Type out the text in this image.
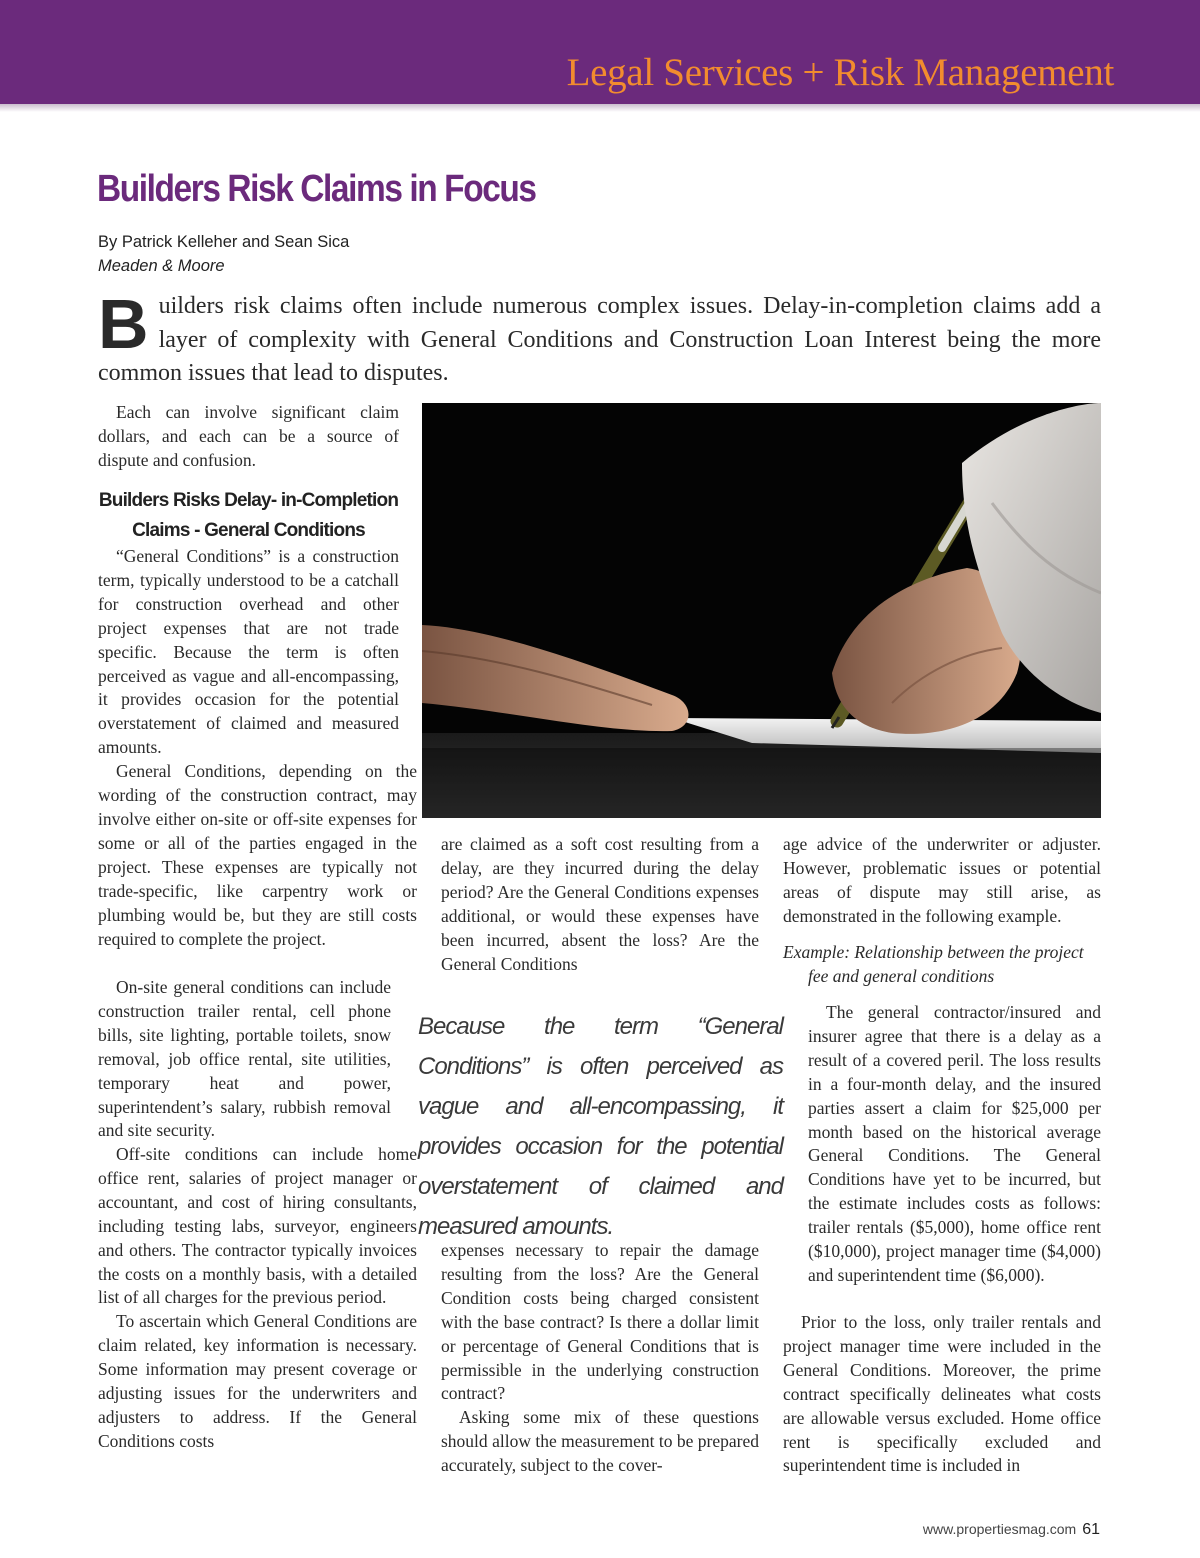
Legal Services + Risk Management
Builders Risk Claims in Focus
By Patrick Kelleher and Sean Sica
Meaden & Moore

Builders risk claims often include numerous complex issues. Delay-in-completion claims add a layer of complexity with General Conditions and Construction Loan Interest being the more common issues that lead to disputes.

Each can involve significant claim dollars, and each can be a source of dispute and confusion.

Builders Risks Delay- in-Completion Claims - General Conditions

“General Conditions” is a construction term, typically understood to be a catchall for construction overhead and other project expenses that are not trade specific. Because the term is often perceived as vague and all-encompassing, it provides occasion for the potential overstatement of claimed and measured amounts.

General Conditions, depending on the wording of the construction contract, may involve either on-site or off-site expenses for some or all of the parties engaged in the project. These expenses are typically not trade-specific, like carpentry work or plumbing would be, but they are still costs required to complete the project.

On-site general conditions can include construction trailer rental, cell phone bills, site lighting, portable toilets, snow removal, job office rental, site utilities, temporary heat and power, superintendent’s salary, rubbish removal and site security.

Off-site conditions can include home office rent, salaries of project manager or accountant, and cost of hiring consultants, including testing labs, surveyor, engineers and others. The contractor typically invoices the costs on a monthly basis, with a detailed list of all charges for the previous period.

To ascertain which General Conditions are claim related, key information is necessary. Some information may present coverage or adjusting issues for the underwriters and adjusters to address. If the General Conditions costs

are claimed as a soft cost resulting from a delay, are they incurred during the delay period? Are the General Conditions expenses additional, or would these expenses have been incurred, absent the loss? Are the General Conditions

Because the term “General Conditions” is often perceived as vague and all-encompassing, it provides occasion for the potential overstatement of claimed and measured amounts.

expenses necessary to repair the damage resulting from the loss? Are the General Condition costs being charged consistent with the base contract? Is there a dollar limit or percentage of General Conditions that is permissible in the underlying construction contract?

Asking some mix of these questions should allow the measurement to be prepared accurately, subject to the cover-

age advice of the underwriter or adjuster. However, problematic issues or potential areas of dispute may still arise, as demonstrated in the following example.

Example: Relationship between the project
fee and general conditions

The general contractor/insured and insurer agree that there is a delay as a result of a covered peril. The loss results in a four-month delay, and the insured parties assert a claim for $25,000 per month based on the historical average General Conditions. The General Conditions have yet to be incurred, but the estimate includes costs as follows: trailer rentals ($5,000), home office rent ($10,000), project manager time ($4,000) and superintendent time ($6,000).

Prior to the loss, only trailer rentals and project manager time were included in the General Conditions. Moreover, the prime contract specifically delineates what costs are allowable versus excluded. Home office rent is specifically excluded and superintendent time is included in

www.propertiesmag.com 61
